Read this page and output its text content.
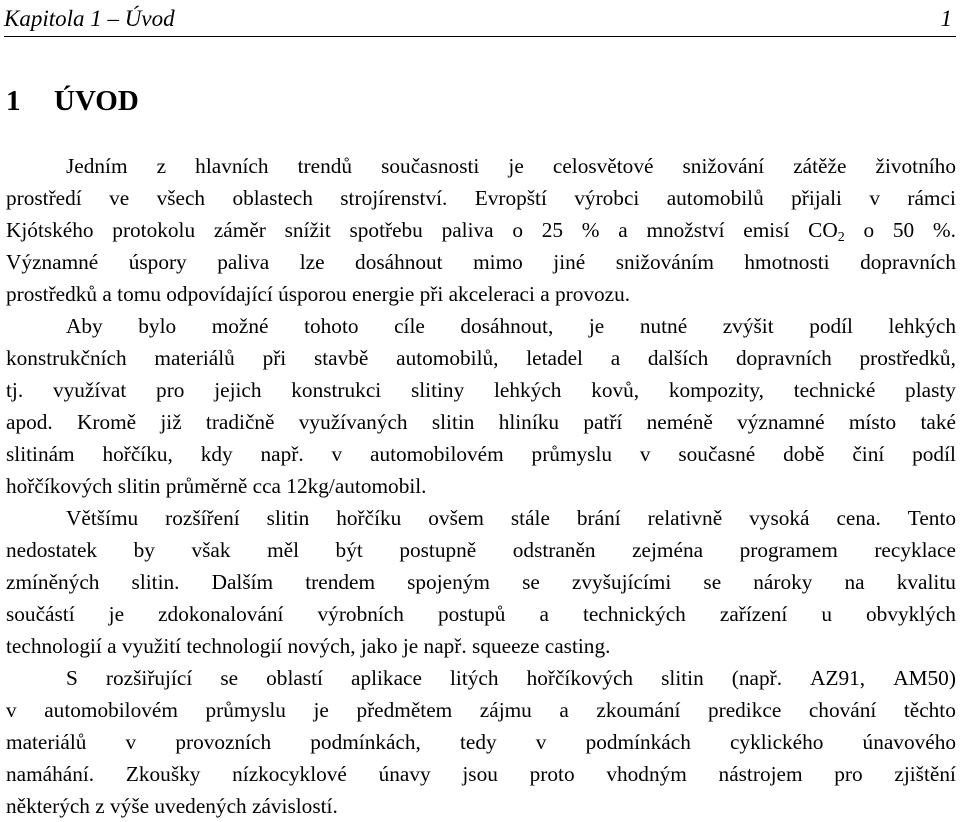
Kapitola 1 – Úvod	1
1 ÚVOD
Jedním z hlavních trendů současnosti je celosvětové snižování zátěže životního
prostředí ve všech oblastech strojírenství. Evropští výrobci automobilů přijali v rámci
Kjótského protokolu záměr snížit spotřebu paliva o 25 % a množství emisí $CO_2$ o 50 %.
Významné úspory paliva lze dosáhnout mimo jiné snižováním hmotnosti dopravních
prostředků a tomu odpovídající úsporou energie při akceleraci a provozu.
Aby bylo možné tohoto cíle dosáhnout, je nutné zvýšit podíl lehkých
konstrukčních materiálů při stavbě automobilů, letadel a dalších dopravních prostředků,
tj. využívat pro jejich konstrukci slitiny lehkých kovů, kompozity, technické plasty
apod. Kromě již tradičně využívaných slitin hliníku patří neméně významné místo také
slitinám hořčíku, kdy např. v automobilovém průmyslu v současné době činí podíl
hořčíkových slitin průměrně cca 12kg/automobil.
Většímu rozšíření slitin hořčíku ovšem stále brání relativně vysoká cena. Tento
nedostatek by však měl být postupně odstraněn zejména programem recyklace
zmíněných slitin. Dalším trendem spojeným se zvyšujícími se nároky na kvalitu
součástí je zdokonalování výrobních postupů a technických zařízení u obvyklých
technologií a využití technologií nových, jako je např. squeeze casting.
S rozšiřující se oblastí aplikace litých hořčíkových slitin (např. AZ91, AM50)
v automobilovém průmyslu je předmětem zájmu a zkoumání predikce chování těchto
materiálů v provozních podmínkách, tedy v podmínkách cyklického únavového
namáhání. Zkoušky nízkocyklové únavy jsou proto vhodným nástrojem pro zjištění
některých z výše uvedených závislostí.
